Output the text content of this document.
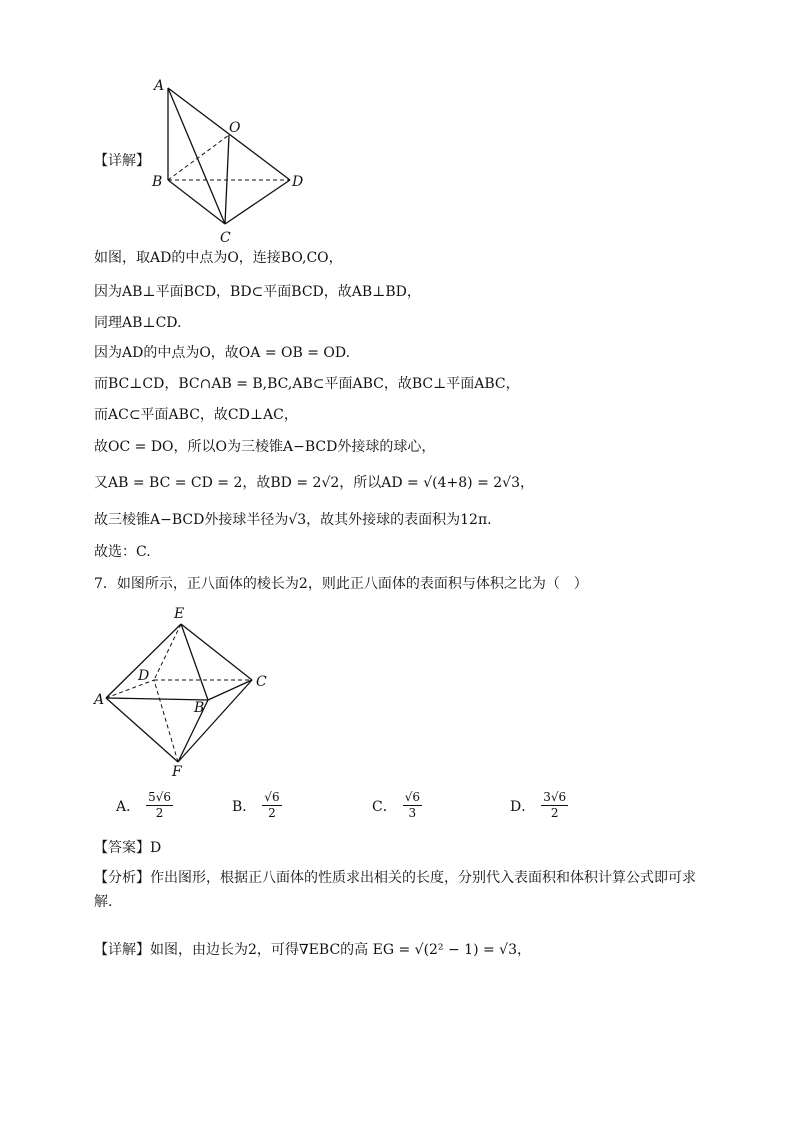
A
O
B	D
C
【详解】
如图，取AD的中点为O，连接BO,CO，
因为AB⊥平面BCD，BD⊂平面BCD，故AB⊥BD，
同理AB⊥CD.
因为AD的中点为O，故OA = OB = OD.
而BC⊥CD，BC∩AB = B,BC,AB⊂平面ABC，故BC⊥平面ABC，
而AC⊂平面ABC，故CD⊥AC，
故OC = DO，所以O为三棱锥A−BCD外接球的球心，
又AB = BC = CD = 2，故BD = 2√2，所以AD = √(4+8) = 2√3，
故三棱锥A−BCD外接球半径为√3，故其外接球的表面积为12π.
故选：C.
7．如图所示，正八面体的棱长为2，则此正八面体的表面积与体积之比为（　）
E
D	C
A	B
F
A． $\frac{5√6}{2}$	B． $\frac{√6}{2}$	C． $\frac{√6}{3}$	D． $\frac{3√6}{2}$
【答案】D
【分析】作出图形，根据正八面体的性质求出相关的长度，分别代入表面积和体积计算公式即可求解.
【详解】如图，由边长为2，可得∇EBC的高 EG = √(2² − 1) = √3，
